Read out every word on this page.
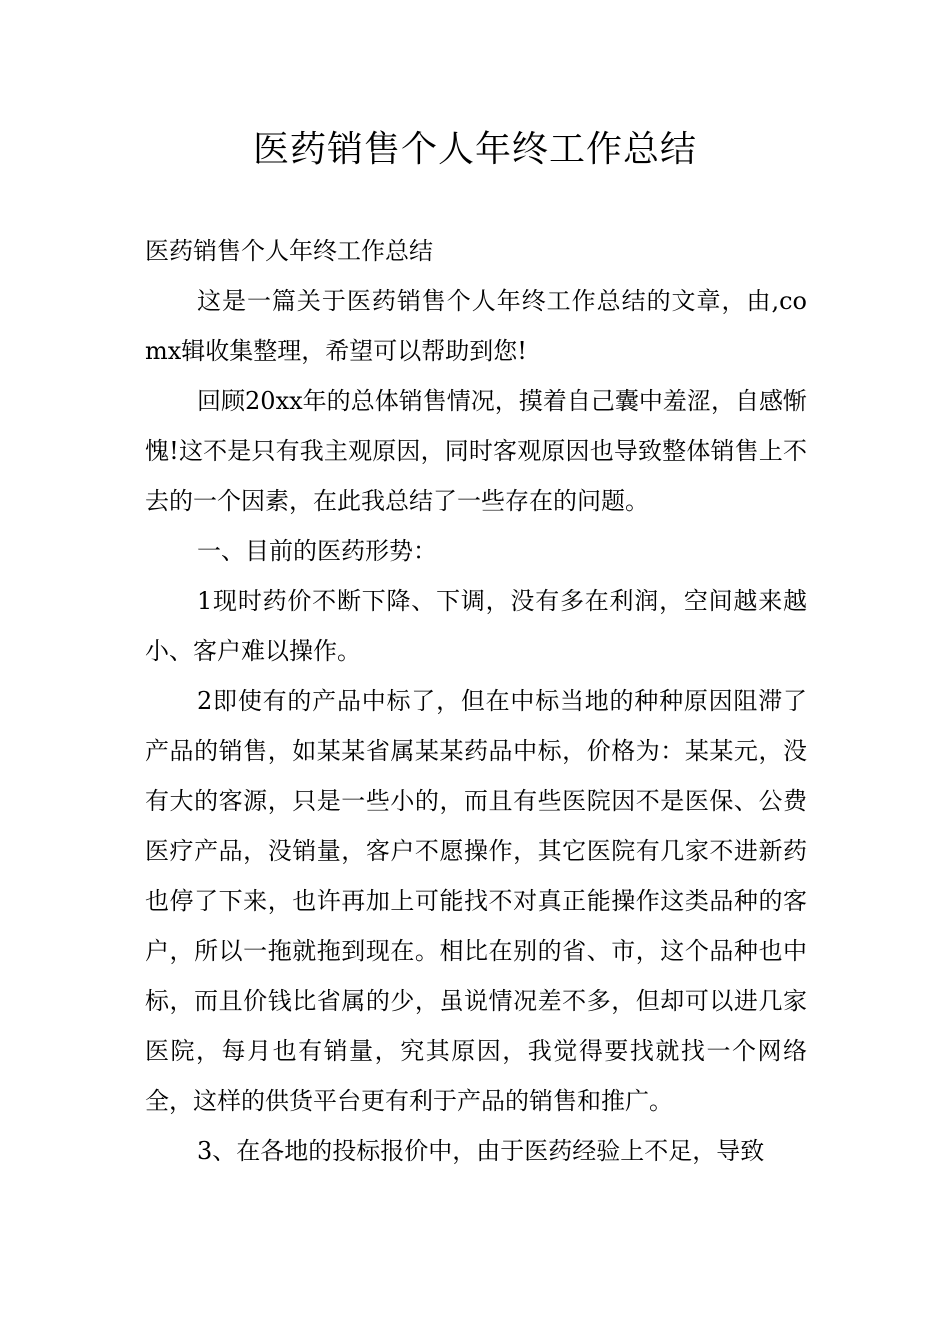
医药销售个人年终工作总结

医药销售个人年终工作总结

这是一篇关于医药销售个人年终工作总结的文章，由,comx辑收集整理，希望可以帮助到您!

回顾20xx年的总体销售情况，摸着自己囊中羞涩，自感惭愧!这不是只有我主观原因，同时客观原因也导致整体销售上不去的一个因素，在此我总结了一些存在的问题。

一、目前的医药形势：

1现时药价不断下降、下调，没有多在利润，空间越来越小、客户难以操作。

2即使有的产品中标了，但在中标当地的种种原因阻滞了产品的销售，如某某省属某某药品中标，价格为：某某元，没有大的客源，只是一些小的，而且有些医院因不是医保、公费医疗产品，没销量，客户不愿操作，其它医院有几家不进新药也停了下来，也许再加上可能找不对真正能操作这类品种的客户，所以一拖就拖到现在。相比在别的省、市，这个品种也中标，而且价钱比省属的少，虽说情况差不多，但却可以进几家医院，每月也有销量，究其原因，我觉得要找就找一个网络全，这样的供货平台更有利于产品的销售和推广。

3、在各地的投标报价中，由于医药经验上不足，导致
